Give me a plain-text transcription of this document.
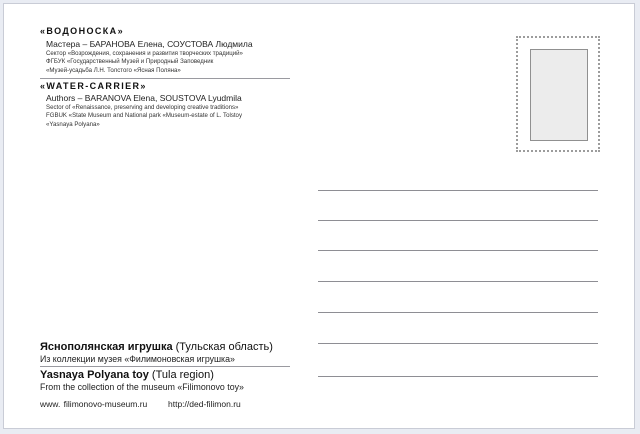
«ВОДОНОСКА»
Мастера – БАРАНОВА Елена, СОУСТОВА Людмила
Сектор «Возрождения, сохранения и развития творческих традиций»
ФГБУК «Государственный Музей и Природный Заповедник
«Музей-усадьба Л.Н. Толстого «Ясная Поляна»
«WATER-CARRIER»
Authors – BARANOVA Elena, SOUSTOVA Lyudmila
Sector of «Renaissance, preserving and developing creative traditions»
FGBUK «State Museum and National park «Museum-estate of L. Tolstoy
«Yasnaya Polyana»
Яснополянская игрушка (Тульская область)
Из коллекции музея «Филимоновская игрушка»
Yasnaya Polyana toy (Tula region)
From the collection of the museum «Filimonovo toy»
www. filimonovo-museum.ru http://ded-filimon.ru
